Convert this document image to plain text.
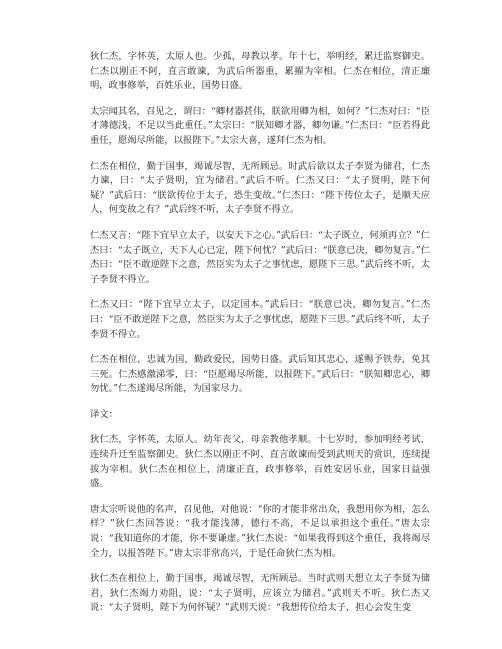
狄仁杰，字怀英，太原人也。少孤，母教以孝。年十七，举明经，累迁监察御史。仁杰以刚正不阿，直言敢谏，为武后所器重，累擢为宰相。仁杰在相位，清正廉明，政事修举，百姓乐业，国势日盛。

太宗闻其名，召见之，谓曰：“卿材器甚伟，朕欲用卿为相，如何？”仁杰对曰：“臣才薄德浅，不足以当此重任。”太宗曰：“朕知卿才器，卿勿谦。”仁杰曰：“臣若得此重任，愿竭尽所能，以报陛下。”太宗大喜，遂拜仁杰为相。

仁杰在相位，勤于国事，竭诚尽智，无所顾忌。时武后欲以太子李贤为储君，仁杰力谏，曰：“太子贤明，宜为储君。”武后不听。仁杰又曰：“太子贤明，陛下何疑？”武后曰：“朕欲传位于太子，恐生变故。”仁杰曰：“陛下传位太子，是顺天应人，何变故之有？”武后终不听，太子李贤不得立。

仁杰又言：“陛下宜早立太子，以安天下之心。”武后曰：“太子既立，何须再立？”仁杰曰：“太子既立，天下人心已定，陛下何忧？”武后曰：“朕意已决，卿勿复言。”仁杰曰：“臣不敢逆陛下之意，然臣实为太子之事忧虑，愿陛下三思。”武后终不听，太子李贤不得立。

仁杰又曰：“陛下宜早立太子，以定国本。”武后曰：“朕意已决，卿勿复言。”仁杰曰：“臣不敢逆陛下之意，然臣实为太子之事忧虑，愿陛下三思。”武后终不听，太子李贤不得立。

仁杰在相位，忠诚为国，勤政爱民，国势日盛。武后知其忠心，遂赐予铁券，免其三死。仁杰感激涕零，曰：“臣愿竭尽所能，以报陛下。”武后曰：“朕知卿忠心，卿勿忧。”仁杰遂竭尽所能，为国家尽力。

译文：

狄仁杰，字怀英，太原人。幼年丧父，母亲教他孝顺。十七岁时，参加明经考试，连续升迁至监察御史。狄仁杰以刚正不阿、直言敢谏而受到武则天的赏识，连续提拔为宰相。狄仁杰在相位上，清廉正直，政事修举，百姓安居乐业，国家日益强盛。

唐太宗听说他的名声，召见他，对他说：“你的才能非常出众，我想用你为相，怎么样？”狄仁杰回答说：“我才能浅薄，德行不高，不足以承担这个重任。”唐太宗说：“我知道你的才能，你不要谦虚。”狄仁杰说：“如果我得到这个重任，我将竭尽全力，以报答陛下。”唐太宗非常高兴，于是任命狄仁杰为相。

狄仁杰在相位上，勤于国事，竭诚尽智，无所顾忌。当时武则天想立太子李贤为储君，狄仁杰竭力劝阻，说：“太子贤明，应该立为储君。”武则天不听。狄仁杰又说：“太子贤明，陛下为何怀疑？”武则天说：“我想传位给太子，担心会发生变
